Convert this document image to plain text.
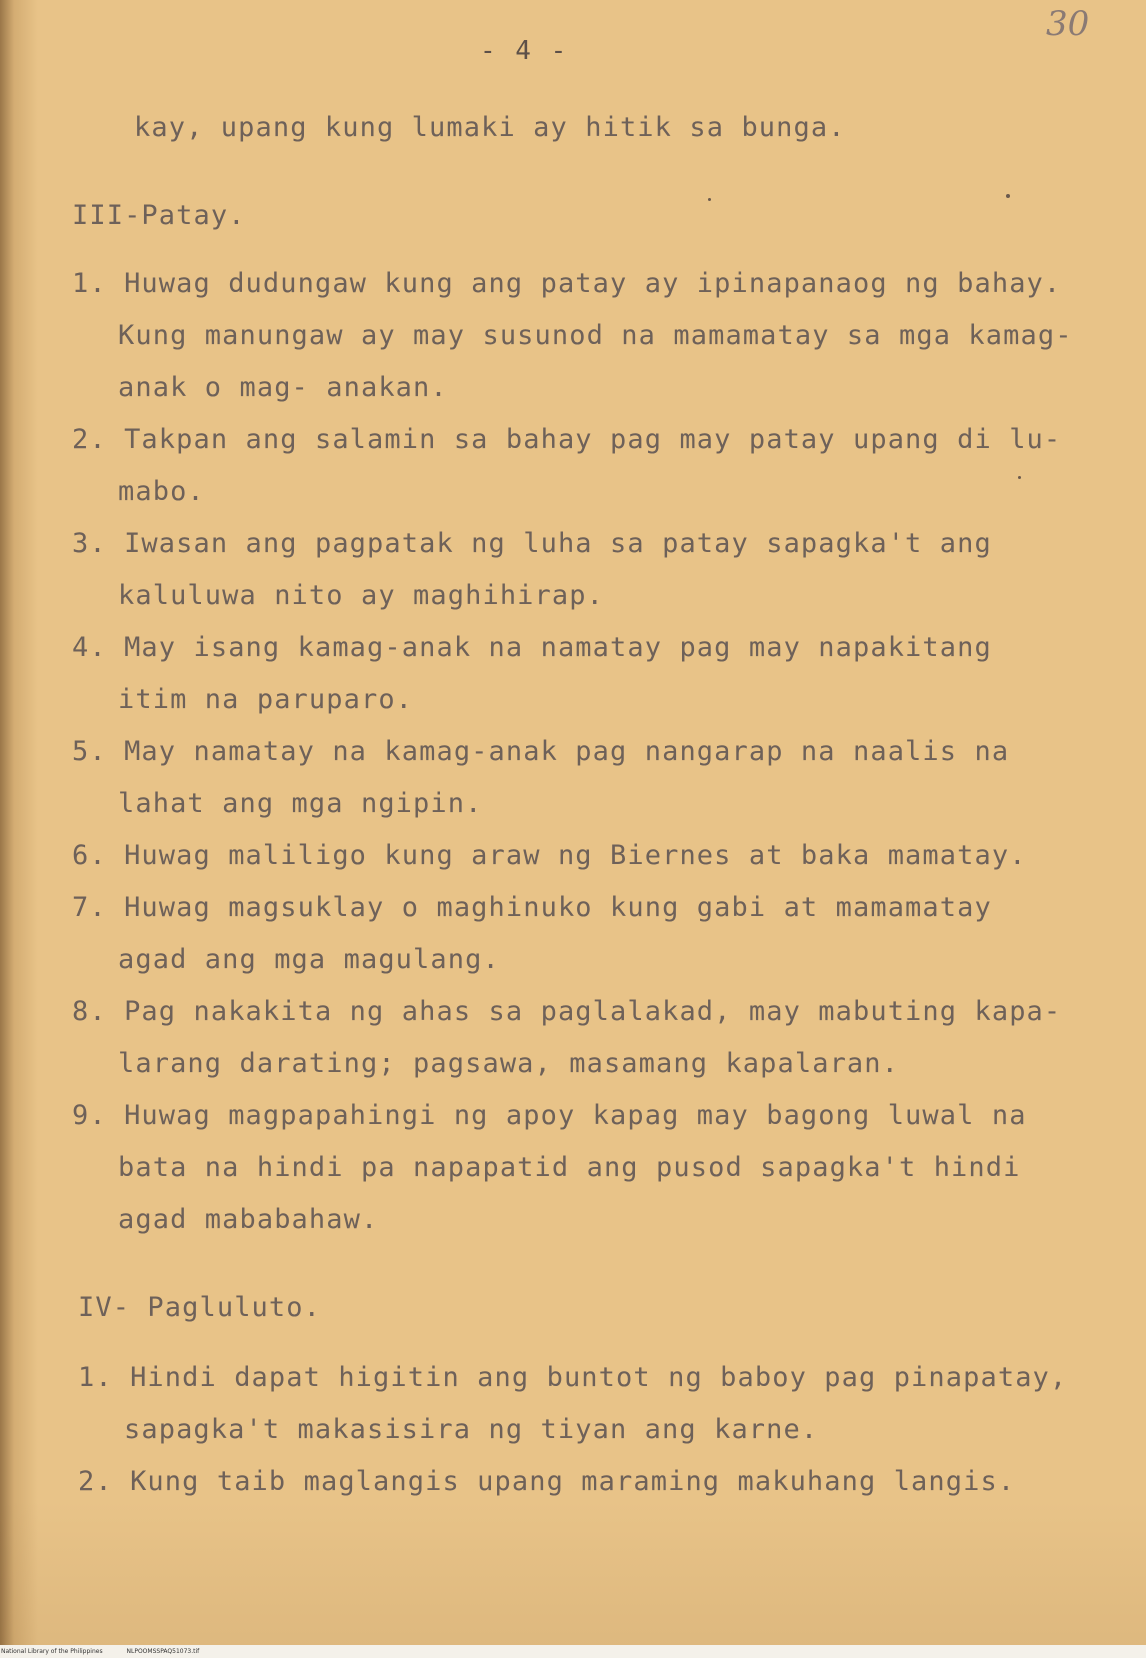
30
- 4 -
kay, upang kung lumaki ay hitik sa bunga.
III-Patay.
1. Huwag dudungaw kung ang patay ay ipinapanaog ng bahay.
Kung manungaw ay may susunod na mamamatay sa mga kamag-
anak o mag- anakan.
2. Takpan ang salamin sa bahay pag may patay upang di lu-
mabo.
3. Iwasan ang pagpatak ng luha sa patay sapagka't ang
kaluluwa nito ay maghihirap.
4. May isang kamag-anak na namatay pag may napakitang
itim na paruparo.
5. May namatay na kamag-anak pag nangarap na naalis na
lahat ang mga ngipin.
6. Huwag maliligo kung araw ng Biernes at baka mamatay.
7. Huwag magsuklay o maghinuko kung gabi at mamamatay
agad ang mga magulang.
8. Pag nakakita ng ahas sa paglalakad, may mabuting kapa-
larang darating; pagsawa, masamang kapalaran.
9. Huwag magpapahingi ng apoy kapag may bagong luwal na
bata na hindi pa napapatid ang pusod sapagka't hindi
agad mababahaw.
IV- Pagluluto.
1. Hindi dapat higitin ang buntot ng baboy pag pinapatay,
sapagka't makasisira ng tiyan ang karne.
2. Kung taib maglangis upang maraming makuhang langis.
National Library of the Philippines	NLPOOMSSPAQ51073.tif
